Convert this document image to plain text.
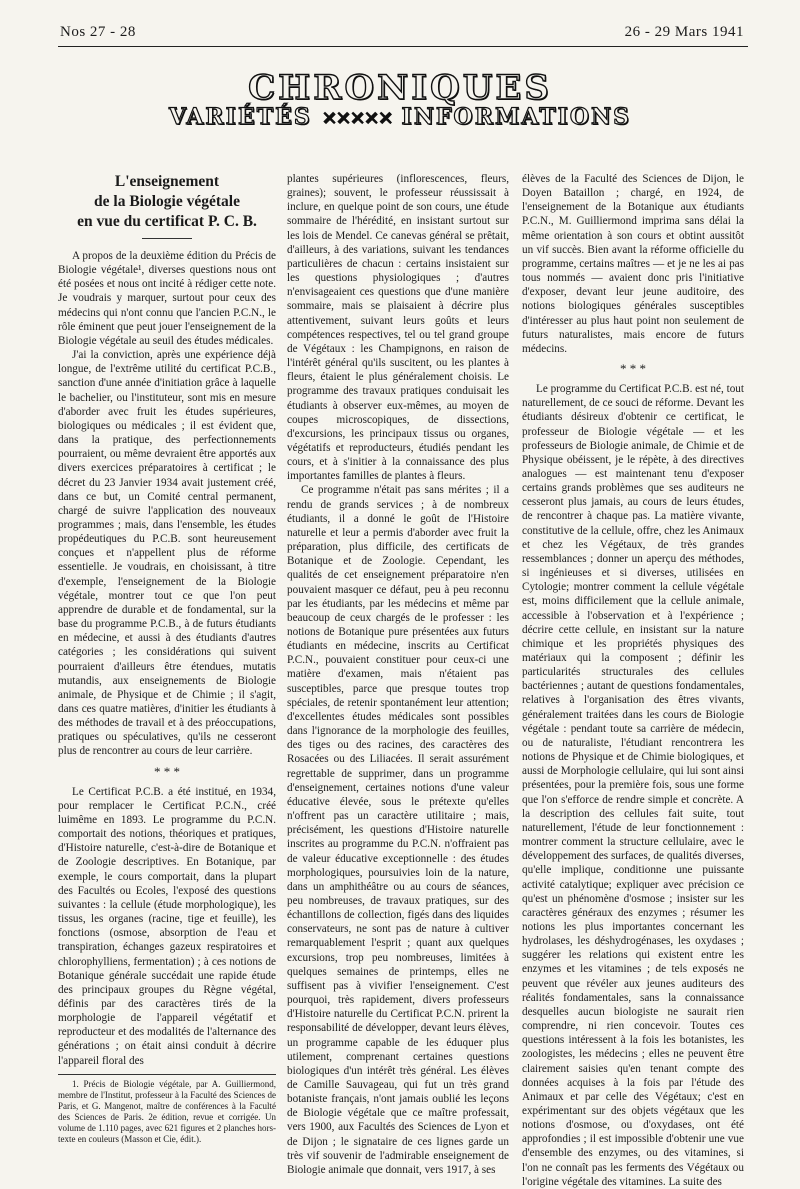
Nos 27 - 28	26 - 29 Mars 1941
CHRONIQUES
VARIÉTÉS ✕✕✕✕✕ INFORMATIONS
L'enseignement
de la Biologie végétale
en vue du certificat P. C. B.

A propos de la deuxième édition du Précis de Biologie végétale¹, diverses questions nous ont été posées et nous ont incité à rédiger cette note. Je voudrais y marquer, surtout pour ceux des médecins qui n'ont connu que l'ancien P.C.N., le rôle éminent que peut jouer l'enseignement de la Biologie végétale au seuil des études médicales.

J'ai la conviction, après une expérience déjà longue, de l'extrême utilité du certificat P.C.B., sanction d'une année d'initiation grâce à laquelle le bachelier, ou l'instituteur, sont mis en mesure d'aborder avec fruit les études supérieures, biologiques ou médicales ; il est évident que, dans la pratique, des perfectionnements pourraient, ou même devraient être apportés aux divers exercices préparatoires à certificat ; le décret du 23 Janvier 1934 avait justement créé, dans ce but, un Comité central permanent, chargé de suivre l'application des nouveaux programmes ; mais, dans l'ensemble, les études propédeutiques du P.C.B. sont heureusement conçues et n'appellent plus de réforme essentielle. Je voudrais, en choisissant, à titre d'exemple, l'enseignement de la Biologie végétale, montrer tout ce que l'on peut apprendre de durable et de fondamental, sur la base du programme P.C.B., à de futurs étudiants en médecine, et aussi à des étudiants d'autres catégories ; les considérations qui suivent pourraient d'ailleurs être étendues, mutatis mutandis, aux enseignements de Biologie animale, de Physique et de Chimie ; il s'agit, dans ces quatre matières, d'initier les étudiants à des méthodes de travail et à des préoccupations, pratiques ou spéculatives, qu'ils ne cesseront plus de rencontrer au cours de leur carrière.

* * *

Le Certificat P.C.B. a été institué, en 1934, pour remplacer le Certificat P.C.N., créé luimême en 1893. Le programme du P.C.N. comportait des notions, théoriques et pratiques, d'Histoire naturelle, c'est-à-dire de Botanique et de Zoologie descriptives. En Botanique, par exemple, le cours comportait, dans la plupart des Facultés ou Ecoles, l'exposé des questions suivantes : la cellule (étude morphologique), les tissus, les organes (racine, tige et feuille), les fonctions (osmose, absorption de l'eau et transpiration, échanges gazeux respiratoires et chlorophylliens, fermentation) ; à ces notions de Botanique générale succédait une rapide étude des principaux groupes du Règne végétal, définis par des caractères tirés de la morphologie de l'appareil végétatif et reproducteur et des modalités de l'alternance des générations ; on était ainsi conduit à décrire l'appareil floral des

1. Précis de Biologie végétale, par A. Guilliermond, membre de l'Institut, professeur à la Faculté des Sciences de Paris, et G. Mangenot, maître de conférences à la Faculté des Sciences de Paris. 2e édition, revue et corrigée. Un volume de 1.110 pages, avec 621 figures et 2 planches hors-texte en couleurs (Masson et Cie, édit.).

plantes supérieures (inflorescences, fleurs, graines); souvent, le professeur réussissait à inclure, en quelque point de son cours, une étude sommaire de l'hérédité, en insistant surtout sur les lois de Mendel. Ce canevas général se prêtait, d'ailleurs, à des variations, suivant les tendances particulières de chacun : certains insistaient sur les questions physiologiques ; d'autres n'envisageaient ces questions que d'une manière sommaire, mais se plaisaient à décrire plus attentivement, suivant leurs goûts et leurs compétences respectives, tel ou tel grand groupe de Végétaux : les Champignons, en raison de l'intérêt général qu'ils suscitent, ou les plantes à fleurs, étaient le plus généralement choisis. Le programme des travaux pratiques conduisait les étudiants à observer eux-mêmes, au moyen de coupes microscopiques, de dissections, d'excursions, les principaux tissus ou organes, végétatifs et reproducteurs, étudiés pendant les cours, et à s'initier à la connaissance des plus importantes familles de plantes à fleurs.

Ce programme n'était pas sans mérites ; il a rendu de grands services ; à de nombreux étudiants, il a donné le goût de l'Histoire naturelle et leur a permis d'aborder avec fruit la préparation, plus difficile, des certificats de Botanique et de Zoologie. Cependant, les qualités de cet enseignement préparatoire n'en pouvaient masquer ce défaut, peu à peu reconnu par les étudiants, par les médecins et même par beaucoup de ceux chargés de le professer : les notions de Botanique pure présentées aux futurs étudiants en médecine, inscrits au Certificat P.C.N., pouvaient constituer pour ceux-ci une matière d'examen, mais n'étaient pas susceptibles, parce que presque toutes trop spéciales, de retenir spontanément leur attention; d'excellentes études médicales sont possibles dans l'ignorance de la morphologie des feuilles, des tiges ou des racines, des caractères des Rosacées ou des Liliacées. Il serait assurément regrettable de supprimer, dans un programme d'enseignement, certaines notions d'une valeur éducative élevée, sous le prétexte qu'elles n'offrent pas un caractère utilitaire ; mais, précisément, les questions d'Histoire naturelle inscrites au programme du P.C.N. n'offraient pas de valeur éducative exceptionnelle : des études morphologiques, poursuivies loin de la nature, dans un amphithéâtre ou au cours de séances, peu nombreuses, de travaux pratiques, sur des échantillons de collection, figés dans des liquides conservateurs, ne sont pas de nature à cultiver remarquablement l'esprit ; quant aux quelques excursions, trop peu nombreuses, limitées à quelques semaines de printemps, elles ne suffisent pas à vivifier l'enseignement. C'est pourquoi, très rapidement, divers professeurs d'Histoire naturelle du Certificat P.C.N. prirent la responsabilité de développer, devant leurs élèves, un programme capable de les éduquer plus utilement, comprenant certaines questions biologiques d'un intérêt très général. Les élèves de Camille Sauvageau, qui fut un très grand botaniste français, n'ont jamais oublié les leçons de Biologie végétale que ce maître professait, vers 1900, aux Facultés des Sciences de Lyon et de Dijon ; le signataire de ces lignes garde un très vif souvenir de l'admirable enseignement de Biologie animale que donnait, vers 1917, à ses

élèves de la Faculté des Sciences de Dijon, le Doyen Bataillon ; chargé, en 1924, de l'enseignement de la Botanique aux étudiants P.C.N., M. Guilliermond imprima sans délai la même orientation à son cours et obtint aussitôt un vif succès. Bien avant la réforme officielle du programme, certains maîtres — et je ne les ai pas tous nommés — avaient donc pris l'initiative d'exposer, devant leur jeune auditoire, des notions biologiques générales susceptibles d'intéresser au plus haut point non seulement de futurs naturalistes, mais encore de futurs médecins.

* * *

Le programme du Certificat P.C.B. est né, tout naturellement, de ce souci de réforme. Devant les étudiants désireux d'obtenir ce certificat, le professeur de Biologie végétale — et les professeurs de Biologie animale, de Chimie et de Physique obéissent, je le répète, à des directives analogues — est maintenant tenu d'exposer certains grands problèmes que ses auditeurs ne cesseront plus jamais, au cours de leurs études, de rencontrer à chaque pas. La matière vivante, constitutive de la cellule, offre, chez les Animaux et chez les Végétaux, de très grandes ressemblances ; donner un aperçu des méthodes, si ingénieuses et si diverses, utilisées en Cytologie; montrer comment la cellule végétale est, moins difficilement que la cellule animale, accessible à l'observation et à l'expérience ; décrire cette cellule, en insistant sur la nature chimique et les propriétés physiques des matériaux qui la composent ; définir les particularités structurales des cellules bactériennes ; autant de questions fondamentales, relatives à l'organisation des êtres vivants, généralement traitées dans les cours de Biologie végétale : pendant toute sa carrière de médecin, ou de naturaliste, l'étudiant rencontrera les notions de Physique et de Chimie biologiques, et aussi de Morphologie cellulaire, qui lui sont ainsi présentées, pour la première fois, sous une forme que l'on s'efforce de rendre simple et concrète. A la description des cellules fait suite, tout naturellement, l'étude de leur fonctionnement : montrer comment la structure cellulaire, avec le développement des surfaces, de qualités diverses, qu'elle implique, conditionne une puissante activité catalytique; expliquer avec précision ce qu'est un phénomène d'osmose ; insister sur les caractères généraux des enzymes ; résumer les notions les plus importantes concernant les hydrolases, les déshydrogénases, les oxydases ; suggérer les relations qui existent entre les enzymes et les vitamines ; de tels exposés ne peuvent que révéler aux jeunes auditeurs des réalités fondamentales, sans la connaissance desquelles aucun biologiste ne saurait rien comprendre, ni rien concevoir. Toutes ces questions intéressent à la fois les botanistes, les zoologistes, les médecins ; elles ne peuvent être clairement saisies qu'en tenant compte des données acquises à la fois par l'étude des Animaux et par celle des Végétaux; c'est en expérimentant sur des objets végétaux que les notions d'osmose, ou d'oxydases, ont été approfondies ; il est impossible d'obtenir une vue d'ensemble des enzymes, ou des vitamines, si l'on ne connaît pas les ferments des Végétaux ou l'origine végétale des vitamines. La suite des
